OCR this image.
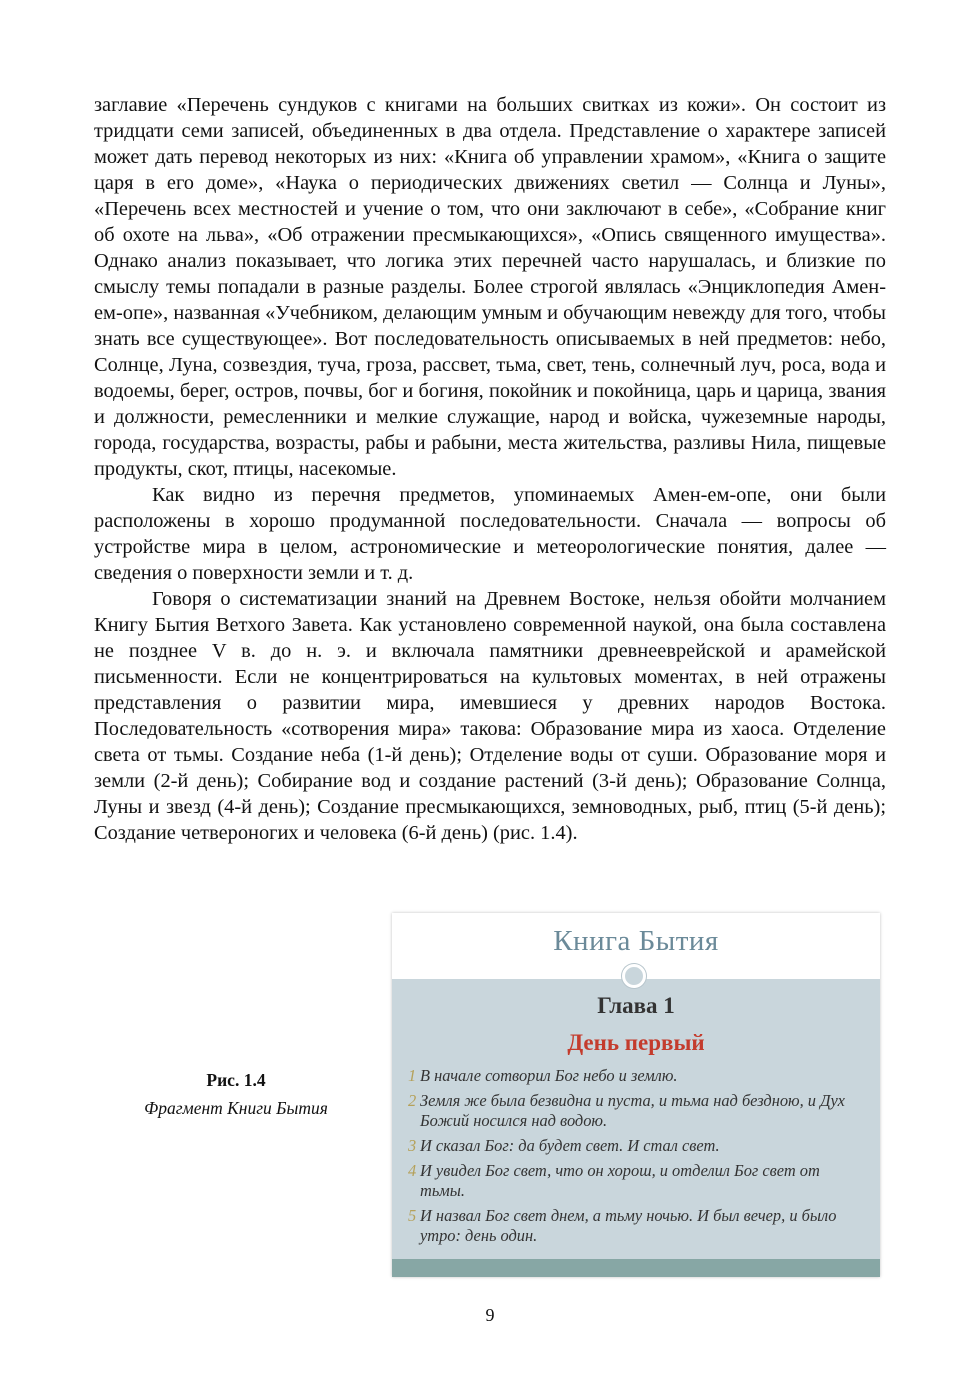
заглавие «Перечень сундуков с книгами на больших свитках из кожи». Он состоит из тридцати семи записей, объединенных в два отдела. Представление о характере записей может дать перевод некоторых из них: «Книга об управлении храмом», «Книга о защите царя в его доме», «Наука о периодических движениях светил — Солнца и Луны», «Перечень всех местностей и учение о том, что они заключают в себе», «Собрание книг об охоте на льва», «Об отражении пресмыкающихся», «Опись священного имущества». Однако анализ показывает, что логика этих перечней часто нарушалась, и близкие по смыслу темы попадали в разные разделы. Более строгой являлась «Энциклопедия Амен-ем-опе», названная «Учебником, делающим умным и обучающим невежду для того, чтобы знать все существующее». Вот последовательность описываемых в ней предметов: небо, Солнце, Луна, созвездия, туча, гроза, рассвет, тьма, свет, тень, солнечный луч, роса, вода и водоемы, берег, остров, почвы, бог и богиня, покойник и покойница, царь и царица, звания и должности, ремесленники и мелкие служащие, народ и войска, чужеземные народы, города, государства, возрасты, рабы и рабыни, места жительства, разливы Нила, пищевые продукты, скот, птицы, насекомые.

Как видно из перечня предметов, упоминаемых Амен-ем-опе, они были расположены в хорошо продуманной последовательности. Сначала — вопросы об устройстве мира в целом, астрономические и метеорологические понятия, далее — сведения о поверхности земли и т. д.

Говоря о систематизации знаний на Древнем Востоке, нельзя обойти молчанием Книгу Бытия Ветхого Завета. Как установлено современной наукой, она была составлена не позднее V в. до н. э. и включала памятники древнееврейской и арамейской письменности. Если не концентрироваться на культовых моментах, в ней отражены представления о развитии мира, имевшиеся у древних народов Востока. Последовательность «сотворения мира» такова: Образование мира из хаоса. Отделение света от тьмы. Создание неба (1-й день); Отделение воды от суши. Образование моря и земли (2-й день); Собирание вод и создание растений (3-й день); Образование Солнца, Луны и звезд (4-й день); Создание пресмыкающихся, земноводных, рыб, птиц (5-й день); Создание четвероногих и человека (6-й день) (рис. 1.4).

Рис. 1.4
Фрагмент Книги Бытия
Книга Бытия
Глава 1
День первый
1 В начале сотворил Бог небо и землю.
2 Земля же была безвидна и пуста, и тьма над бездною, и Дух Божий носился над водою.
3 И сказал Бог: да будет свет. И стал свет.
4 И увидел Бог свет, что он хорош, и отделил Бог свет от тьмы.
5 И назвал Бог свет днем, а тьму ночью. И был вечер, и было утро: день один.
9
